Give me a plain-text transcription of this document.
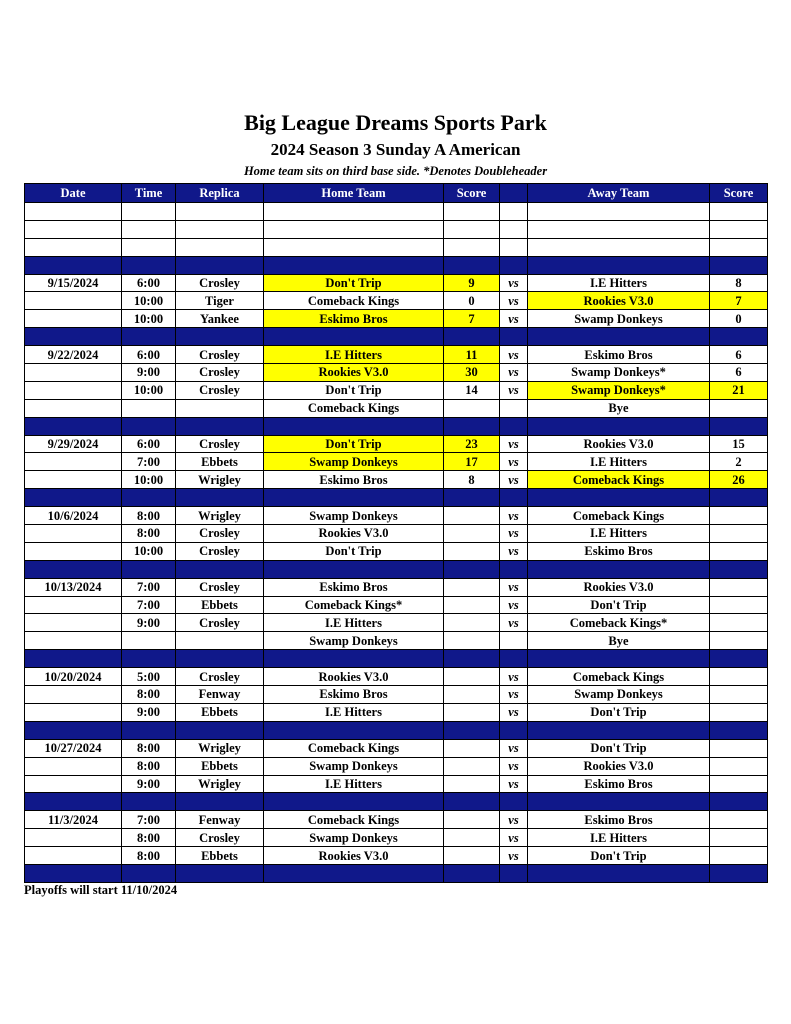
Big League Dreams Sports Park
2024 Season 3 Sunday A American
Home team sits on third base side. *Denotes Doubleheader
Date	Time	Replica	Home Team	Score		Away Team	Score

9/15/2024	6:00	Crosley	Don't Trip	9	vs	I.E Hitters	8
	10:00	Tiger	Comeback Kings	0	vs	Rookies V3.0	7
	10:00	Yankee	Eskimo Bros	7	vs	Swamp Donkeys	0

9/22/2024	6:00	Crosley	I.E Hitters	11	vs	Eskimo Bros	6
	9:00	Crosley	Rookies V3.0	30	vs	Swamp Donkeys*	6
	10:00	Crosley	Don't Trip	14	vs	Swamp Donkeys*	21
			Comeback Kings			Bye	

9/29/2024	6:00	Crosley	Don't Trip	23	vs	Rookies V3.0	15
	7:00	Ebbets	Swamp Donkeys	17	vs	I.E Hitters	2
	10:00	Wrigley	Eskimo Bros	8	vs	Comeback Kings	26

10/6/2024	8:00	Wrigley	Swamp Donkeys		vs	Comeback Kings	
	8:00	Crosley	Rookies V3.0		vs	I.E Hitters	
	10:00	Crosley	Don't Trip		vs	Eskimo Bros	

10/13/2024	7:00	Crosley	Eskimo Bros		vs	Rookies V3.0	
	7:00	Ebbets	Comeback Kings*		vs	Don't Trip	
	9:00	Crosley	I.E Hitters		vs	Comeback Kings*	
			Swamp Donkeys			Bye	

10/20/2024	5:00	Crosley	Rookies V3.0		vs	Comeback Kings	
	8:00	Fenway	Eskimo Bros		vs	Swamp Donkeys	
	9:00	Ebbets	I.E Hitters		vs	Don't Trip	

10/27/2024	8:00	Wrigley	Comeback Kings		vs	Don't Trip	
	8:00	Ebbets	Swamp Donkeys		vs	Rookies V3.0	
	9:00	Wrigley	I.E Hitters		vs	Eskimo Bros	

11/3/2024	7:00	Fenway	Comeback Kings		vs	Eskimo Bros	
	8:00	Crosley	Swamp Donkeys		vs	I.E Hitters	
	8:00	Ebbets	Rookies V3.0		vs	Don't Trip	

Playoffs will start 11/10/2024
